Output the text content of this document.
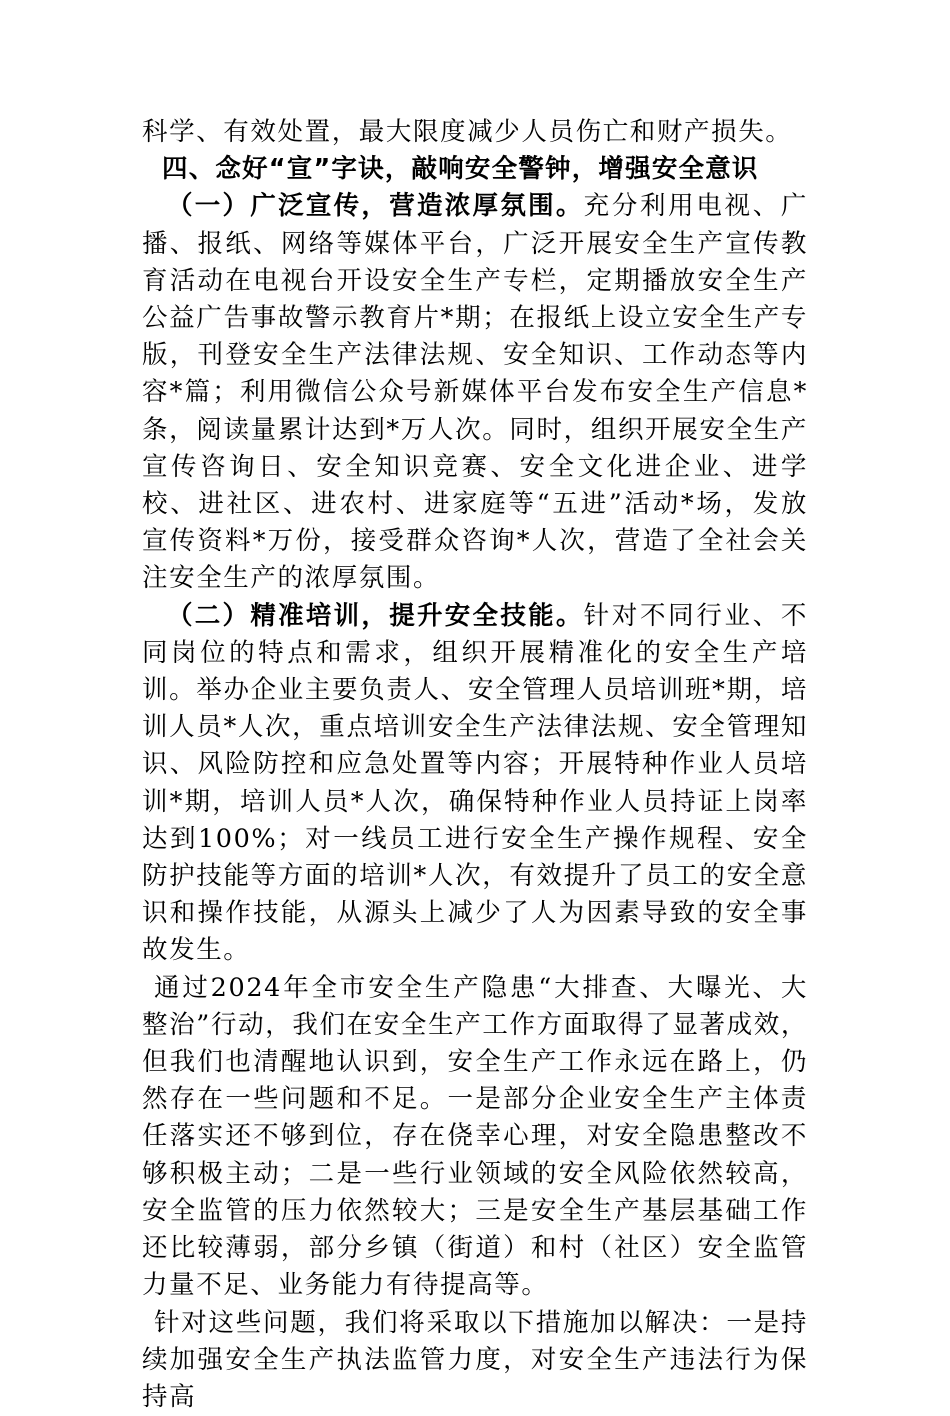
科学、有效处置，最大限度减少人员伤亡和财产损失。

四、念好“宣”字诀，敲响安全警钟，增强安全意识

（一）广泛宣传，营造浓厚氛围。充分利用电视、广播、报纸、网络等媒体平台，广泛开展安全生产宣传教育活动在电视台开设安全生产专栏，定期播放安全生产公益广告事故警示教育片*期；在报纸上设立安全生产专版，刊登安全生产法律法规、安全知识、工作动态等内容*篇；利用微信公众号新媒体平台发布安全生产信息*条，阅读量累计达到*万人次。同时，组织开展安全生产宣传咨询日、安全知识竞赛、安全文化进企业、进学校、进社区、进农村、进家庭等“五进”活动*场，发放宣传资料*万份，接受群众咨询*人次，营造了全社会关注安全生产的浓厚氛围。

（二）精准培训，提升安全技能。针对不同行业、不同岗位的特点和需求，组织开展精准化的安全生产培训。举办企业主要负责人、安全管理人员培训班*期，培训人员*人次，重点培训安全生产法律法规、安全管理知识、风险防控和应急处置等内容；开展特种作业人员培训*期，培训人员*人次，确保特种作业人员持证上岗率达到100%；对一线员工进行安全生产操作规程、安全防护技能等方面的培训*人次，有效提升了员工的安全意识和操作技能，从源头上减少了人为因素导致的安全事故发生。

通过2024年全市安全生产隐患“大排查、大曝光、大整治”行动，我们在安全生产工作方面取得了显著成效，但我们也清醒地认识到，安全生产工作永远在路上，仍然存在一些问题和不足。一是部分企业安全生产主体责任落实还不够到位，存在侥幸心理，对安全隐患整改不够积极主动；二是一些行业领域的安全风险依然较高，安全监管的压力依然较大；三是安全生产基层基础工作还比较薄弱，部分乡镇（街道）和村（社区）安全监管力量不足、业务能力有待提高等。

针对这些问题，我们将采取以下措施加以解决：一是持续加强安全生产执法监管力度，对安全生产违法行为保持高
